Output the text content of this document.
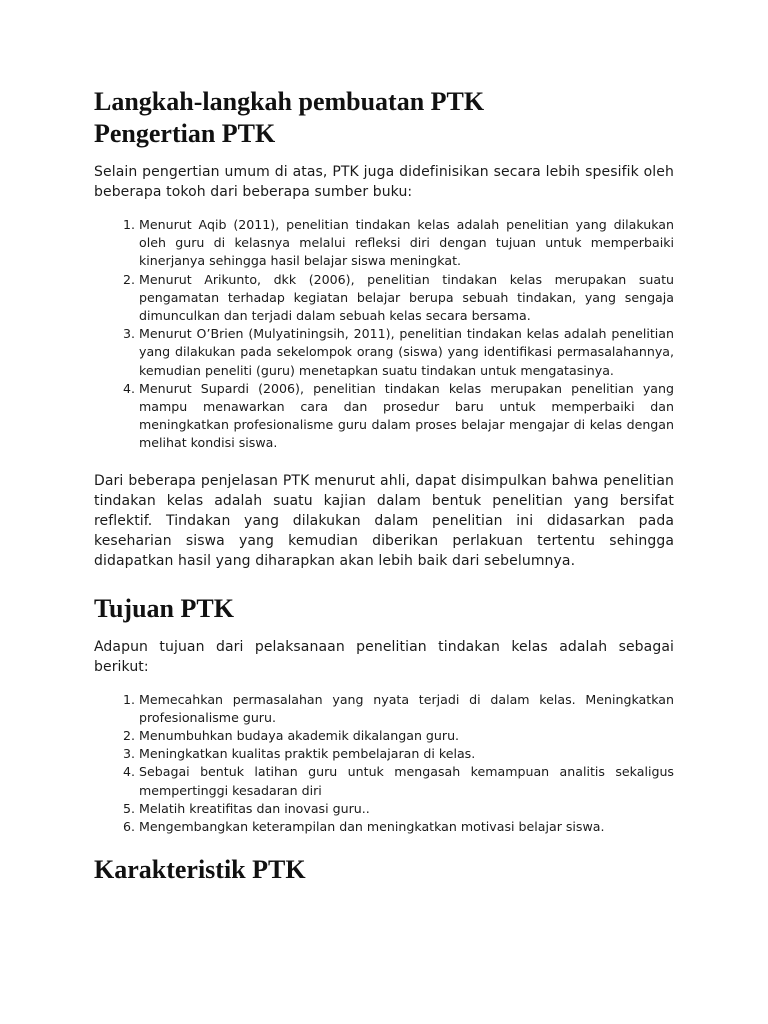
Langkah-langkah pembuatan PTK
Pengertian PTK

Selain pengertian umum di atas, PTK juga didefinisikan secara lebih spesifik oleh beberapa tokoh dari beberapa sumber buku:

1. Menurut Aqib (2011), penelitian tindakan kelas adalah penelitian yang dilakukan oleh guru di kelasnya melalui refleksi diri dengan tujuan untuk memperbaiki kinerjanya sehingga hasil belajar siswa meningkat.
2. Menurut Arikunto, dkk (2006), penelitian tindakan kelas merupakan suatu pengamatan terhadap kegiatan belajar berupa sebuah tindakan, yang sengaja dimunculkan dan terjadi dalam sebuah kelas secara bersama.
3. Menurut O’Brien (Mulyatiningsih, 2011), penelitian tindakan kelas adalah penelitian yang dilakukan pada sekelompok orang (siswa) yang identifikasi permasalahannya, kemudian peneliti (guru) menetapkan suatu tindakan untuk mengatasinya.
4. Menurut Supardi (2006), penelitian tindakan kelas merupakan penelitian yang mampu menawarkan cara dan prosedur baru untuk memperbaiki dan meningkatkan profesionalisme guru dalam proses belajar mengajar di kelas dengan melihat kondisi siswa.

Dari beberapa penjelasan PTK menurut ahli, dapat disimpulkan bahwa penelitian tindakan kelas adalah suatu kajian dalam bentuk penelitian yang bersifat reflektif. Tindakan yang dilakukan dalam penelitian ini didasarkan pada keseharian siswa yang kemudian diberikan perlakuan tertentu sehingga didapatkan hasil yang diharapkan akan lebih baik dari sebelumnya.

Tujuan PTK

Adapun tujuan dari pelaksanaan penelitian tindakan kelas adalah sebagai berikut:

1. Memecahkan permasalahan yang nyata terjadi di dalam kelas. Meningkatkan profesionalisme guru.
2. Menumbuhkan budaya akademik dikalangan guru.
3. Meningkatkan kualitas praktik pembelajaran di kelas.
4. Sebagai bentuk latihan guru untuk mengasah kemampuan analitis sekaligus mempertinggi kesadaran diri
5. Melatih kreatifitas dan inovasi guru..
6. Mengembangkan keterampilan dan meningkatkan motivasi belajar siswa.
Karakteristik PTK
